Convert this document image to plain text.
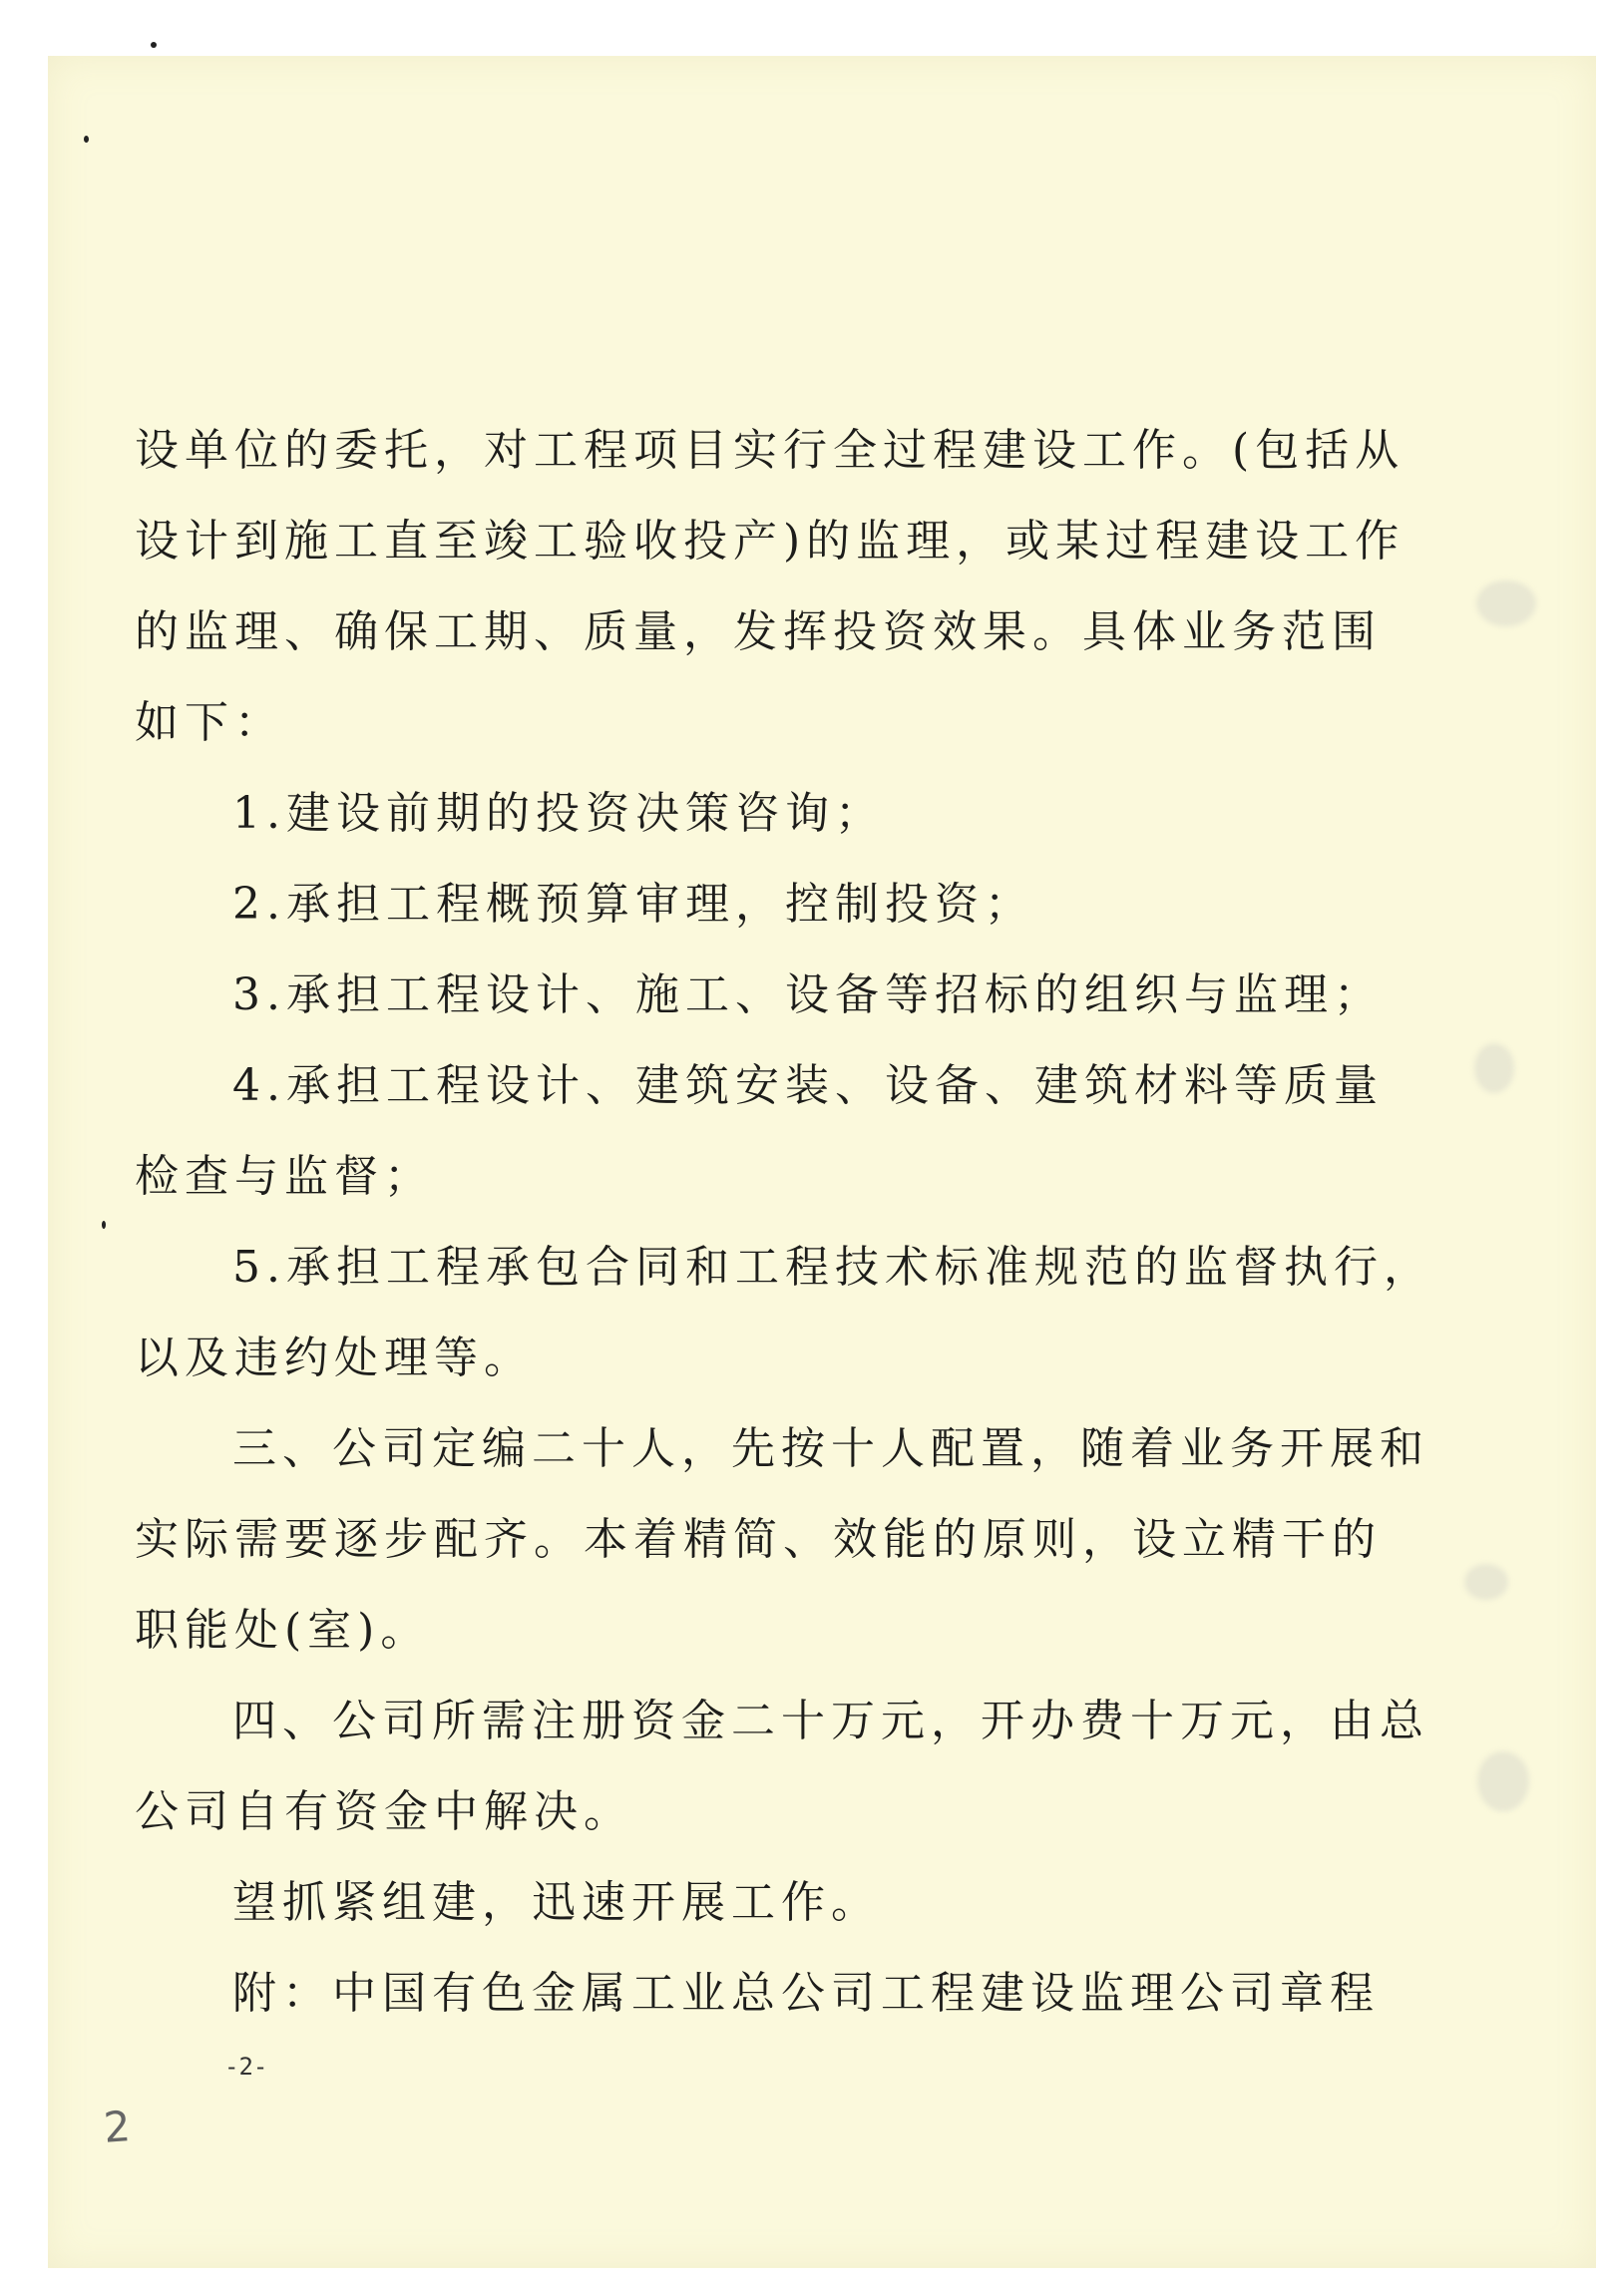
设单位的委托，对工程项目实行全过程建设工作。(包括从
设计到施工直至竣工验收投产)的监理，或某过程建设工作
的监理、确保工期、质量，发挥投资效果。具体业务范围
如下：
1.建设前期的投资决策咨询；
2.承担工程概预算审理，控制投资；
3.承担工程设计、施工、设备等招标的组织与监理；
4.承担工程设计、建筑安装、设备、建筑材料等质量
检查与监督；
5.承担工程承包合同和工程技术标准规范的监督执行，
以及违约处理等。
三、公司定编二十人，先按十人配置，随着业务开展和
实际需要逐步配齐。本着精简、效能的原则，设立精干的
职能处(室)。
四、公司所需注册资金二十万元，开办费十万元，由总
公司自有资金中解决。
望抓紧组建，迅速开展工作。
附：中国有色金属工业总公司工程建设监理公司章程
-2-
2
